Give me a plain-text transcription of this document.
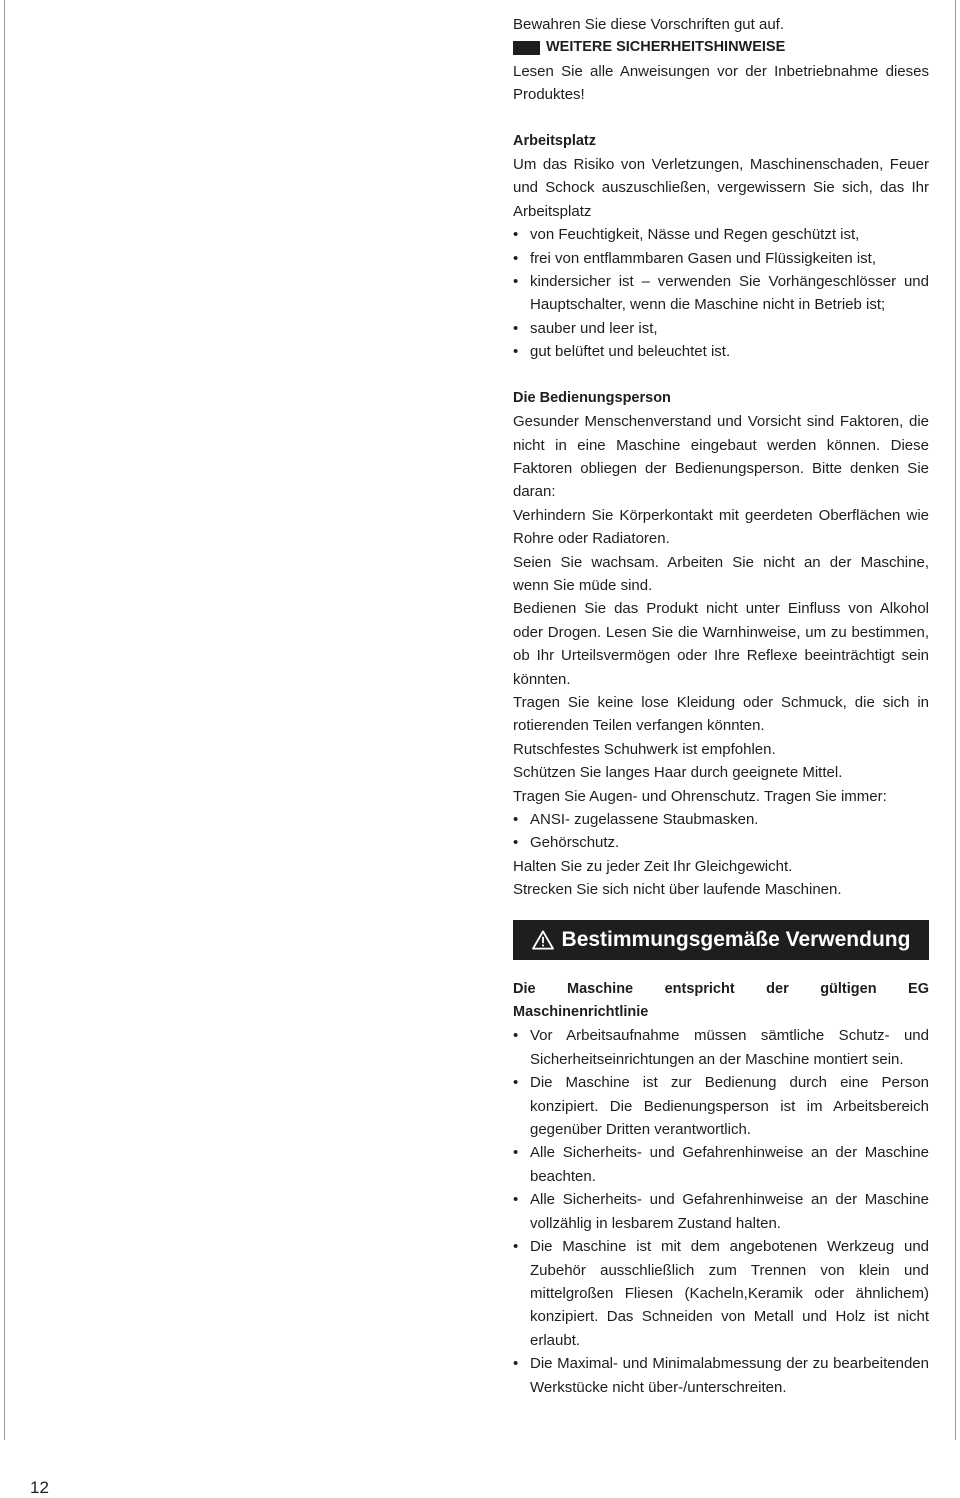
Bewahren Sie diese Vorschriften gut auf.

WEITERE SICHERHEITSHINWEISE

Lesen Sie alle Anweisungen vor der Inbetriebnahme dieses Produktes!

Arbeitsplatz

Um das Risiko von Verletzungen, Maschinenschaden, Feuer und Schock auszuschließen, vergewissern Sie sich, das Ihr Arbeitsplatz

• von Feuchtigkeit, Nässe und Regen geschützt ist,
• frei von entflammbaren Gasen und Flüssigkeiten ist,
• kindersicher ist – verwenden Sie Vorhängeschlösser und Hauptschalter, wenn die Maschine nicht in Betrieb ist;
• sauber und leer ist,
• gut belüftet und beleuchtet ist.

Die Bedienungsperson

Gesunder Menschenverstand und Vorsicht sind Faktoren, die nicht in eine Maschine eingebaut werden können. Diese Faktoren obliegen der Bedienungsperson. Bitte denken Sie daran:

Verhindern Sie Körperkontakt mit geerdeten Oberflächen wie Rohre oder Radiatoren.

Seien Sie wachsam. Arbeiten Sie nicht an der Maschine, wenn Sie müde sind.

Bedienen Sie das Produkt nicht unter Einfluss von Alkohol oder Drogen. Lesen Sie die Warnhinweise, um zu bestimmen, ob Ihr Urteilsvermögen oder Ihre Reflexe beeinträchtigt sein könnten.

Tragen Sie keine lose Kleidung oder Schmuck, die sich in rotierenden Teilen verfangen könnten.

Rutschfestes Schuhwerk ist empfohlen.

Schützen Sie langes Haar durch geeignete Mittel.

Tragen Sie Augen- und Ohrenschutz. Tragen Sie immer:

• ANSI- zugelassene Staubmasken.
• Gehörschutz.

Halten Sie zu jeder Zeit Ihr Gleichgewicht.

Strecken Sie sich nicht über laufende Maschinen.

Bestimmungsgemäße Verwendung

Die Maschine entspricht der gültigen EG Maschinenrichtlinie

• Vor Arbeitsaufnahme müssen sämtliche Schutz- und Sicherheitseinrichtungen an der Maschine montiert sein.
• Die Maschine ist zur Bedienung durch eine Person konzipiert. Die Bedienungsperson ist im Arbeitsbereich gegenüber Dritten verantwortlich.
• Alle Sicherheits- und Gefahrenhinweise an der Maschine beachten.
• Alle Sicherheits- und Gefahrenhinweise an der Maschine vollzählig in lesbarem Zustand halten.
• Die Maschine ist mit dem angebotenen Werkzeug und Zubehör ausschließlich zum Trennen von klein und mittelgroßen Fliesen (Kacheln,Keramik oder ähnlichem) konzipiert. Das Schneiden von Metall und Holz ist nicht erlaubt.
• Die Maximal- und Minimalabmessung der zu bearbeitenden Werkstücke nicht über-/unterschreiten.
12
